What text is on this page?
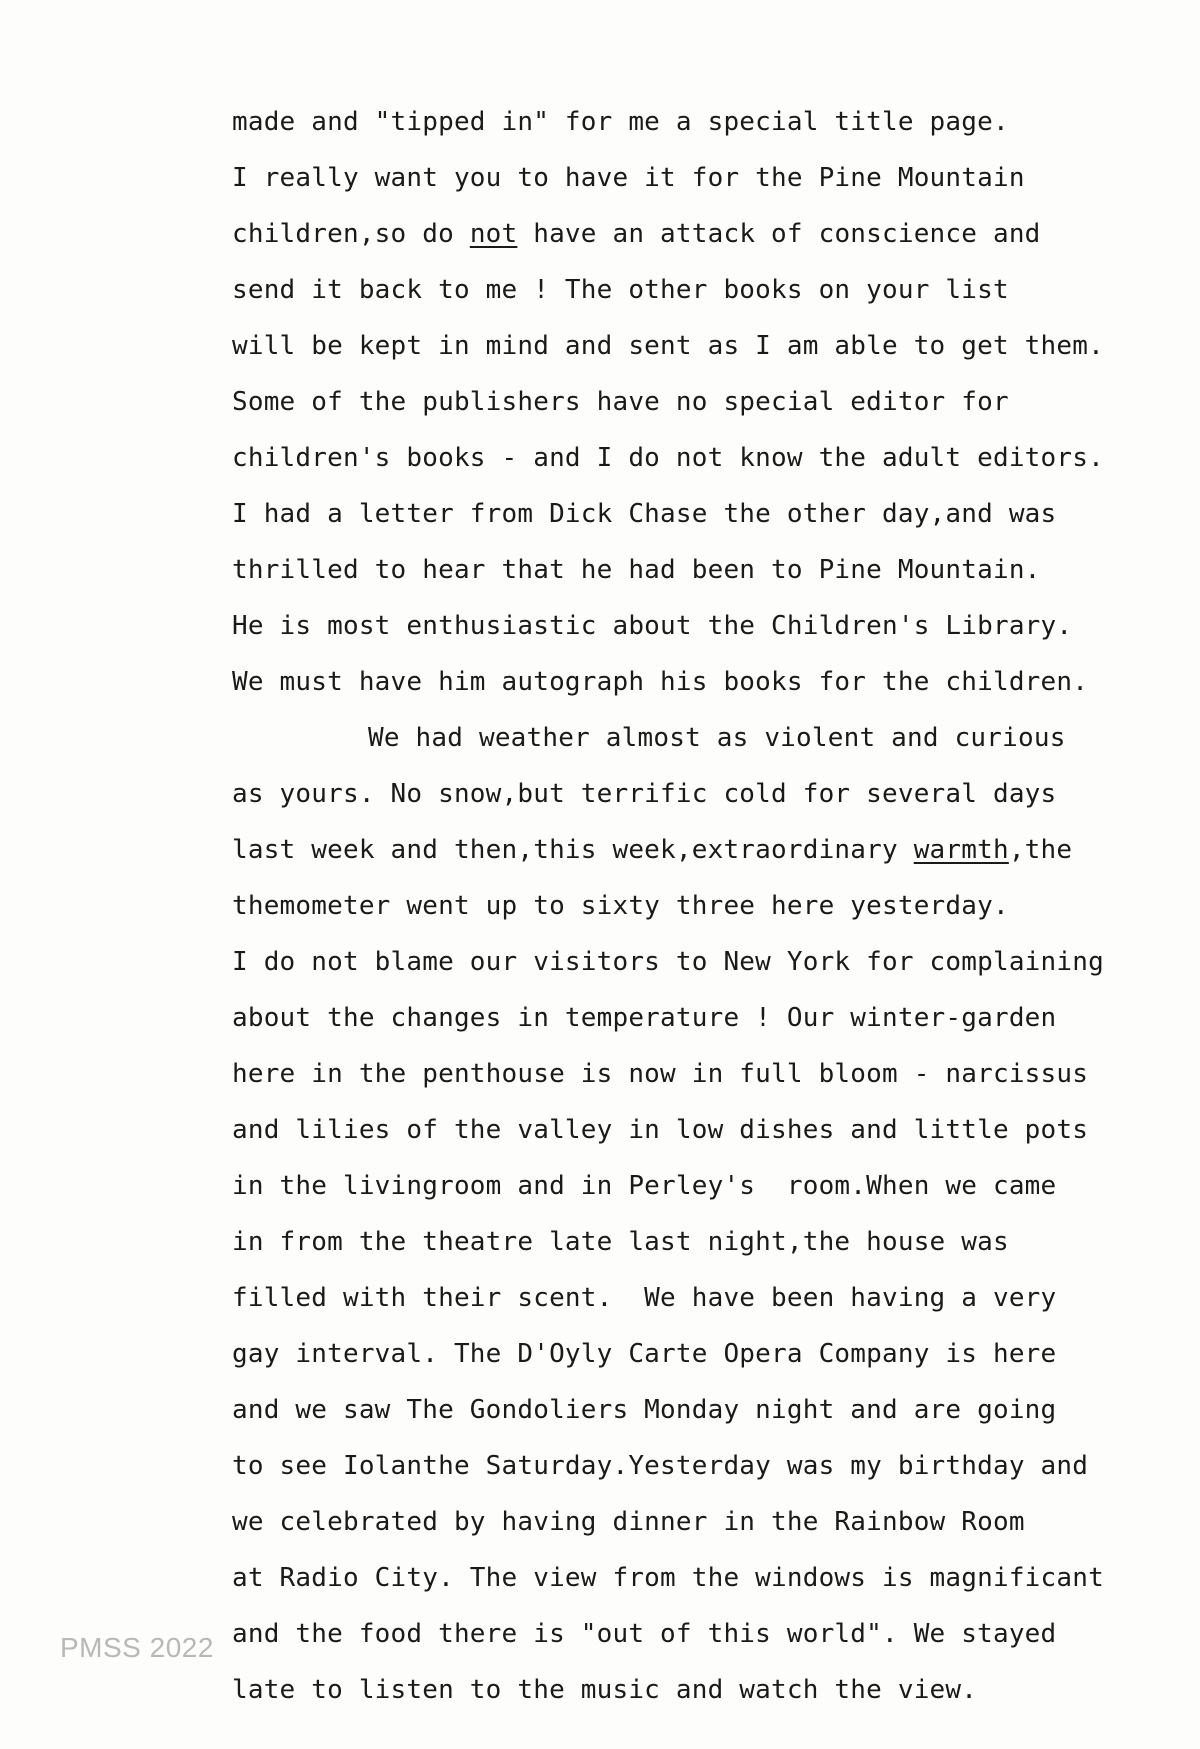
made and "tipped in" for me a special title page.
I really want you to have it for the Pine Mountain
children,so do not have an attack of conscience and
send it back to me ! The other books on your list
will be kept in mind and sent as I am able to get them.
Some of the publishers have no special editor for
children's books - and I do not know the adult editors.
I had a letter from Dick Chase the other day,and was
thrilled to hear that he had been to Pine Mountain.
He is most enthusiastic about the Children's Library.
We must have him autograph his books for the children.
We had weather almost as violent and curious
as yours. No snow,but terrific cold for several days
last week and then,this week,extraordinary warmth,the
themometer went up to sixty three here yesterday.
I do not blame our visitors to New York for complaining
about the changes in temperature ! Our winter-garden
here in the penthouse is now in full bloom - narcissus
and lilies of the valley in low dishes and little pots
in the livingroom and in Perley's  room.When we came
in from the theatre late last night,the house was
filled with their scent.  We have been having a very
gay interval. The D'Oyly Carte Opera Company is here
and we saw The Gondoliers Monday night and are going
to see Iolanthe Saturday.Yesterday was my birthday and
we celebrated by having dinner in the Rainbow Room
at Radio City. The view from the windows is magnificant
and the food there is "out of this world". We stayed
late to listen to the music and watch the view.
PMSS 2022
